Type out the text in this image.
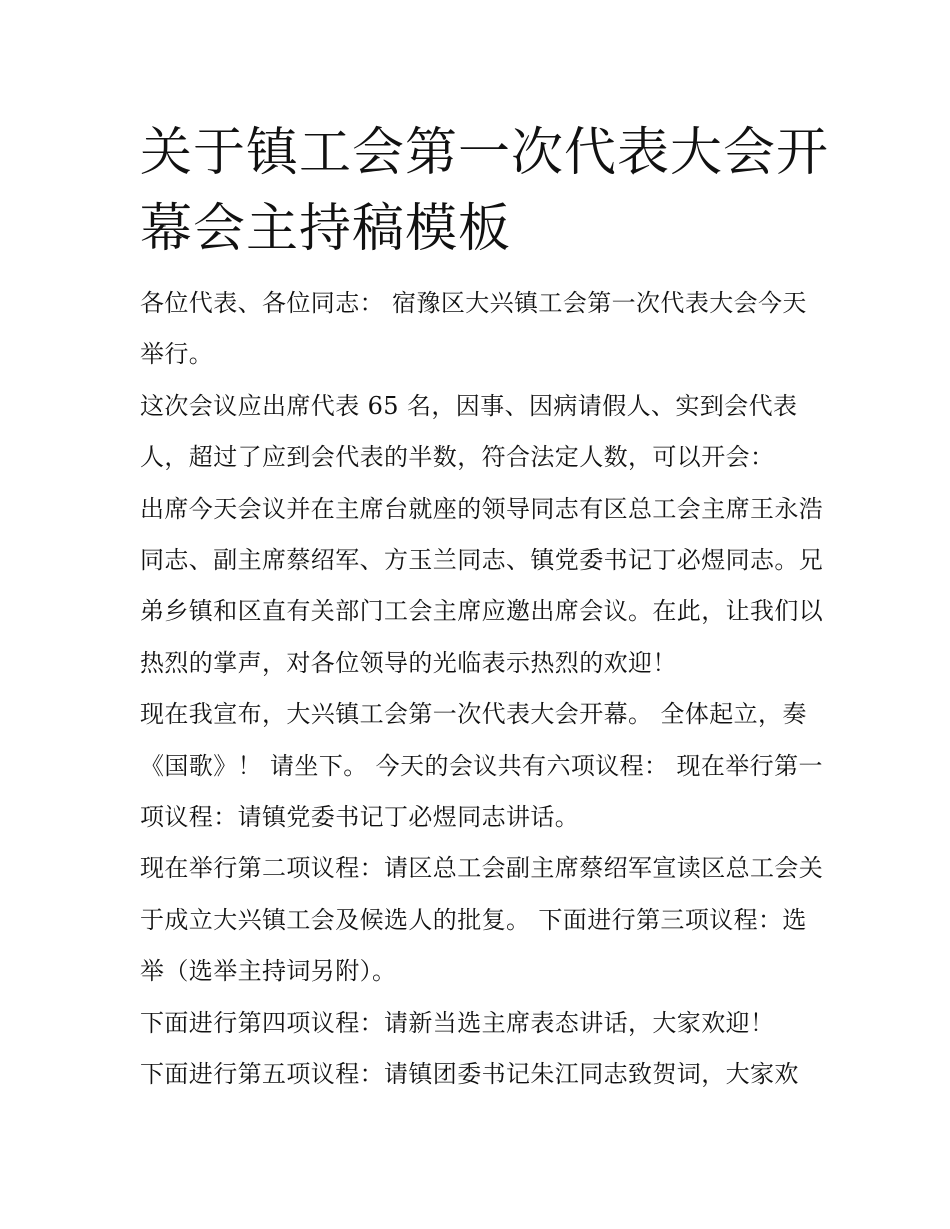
关于镇工会第一次代表大会开幕会主持稿模板

各位代表、各位同志： 宿豫区大兴镇工会第一次代表大会今天举行。

这次会议应出席代表 65 名，因事、因病请假人、实到会代表人，超过了应到会代表的半数，符合法定人数，可以开会：

出席今天会议并在主席台就座的领导同志有区总工会主席王永浩同志、副主席蔡绍军、方玉兰同志、镇党委书记丁必煜同志。兄弟乡镇和区直有关部门工会主席应邀出席会议。在此，让我们以热烈的掌声，对各位领导的光临表示热烈的欢迎！

现在我宣布，大兴镇工会第一次代表大会开幕。 全体起立，奏《国歌》！ 请坐下。 今天的会议共有六项议程： 现在举行第一项议程：请镇党委书记丁必煜同志讲话。

现在举行第二项议程：请区总工会副主席蔡绍军宣读区总工会关于成立大兴镇工会及候选人的批复。 下面进行第三项议程：选举（选举主持词另附）。

下面进行第四项议程：请新当选主席表态讲话，大家欢迎！

下面进行第五项议程：请镇团委书记朱江同志致贺词，大家欢
